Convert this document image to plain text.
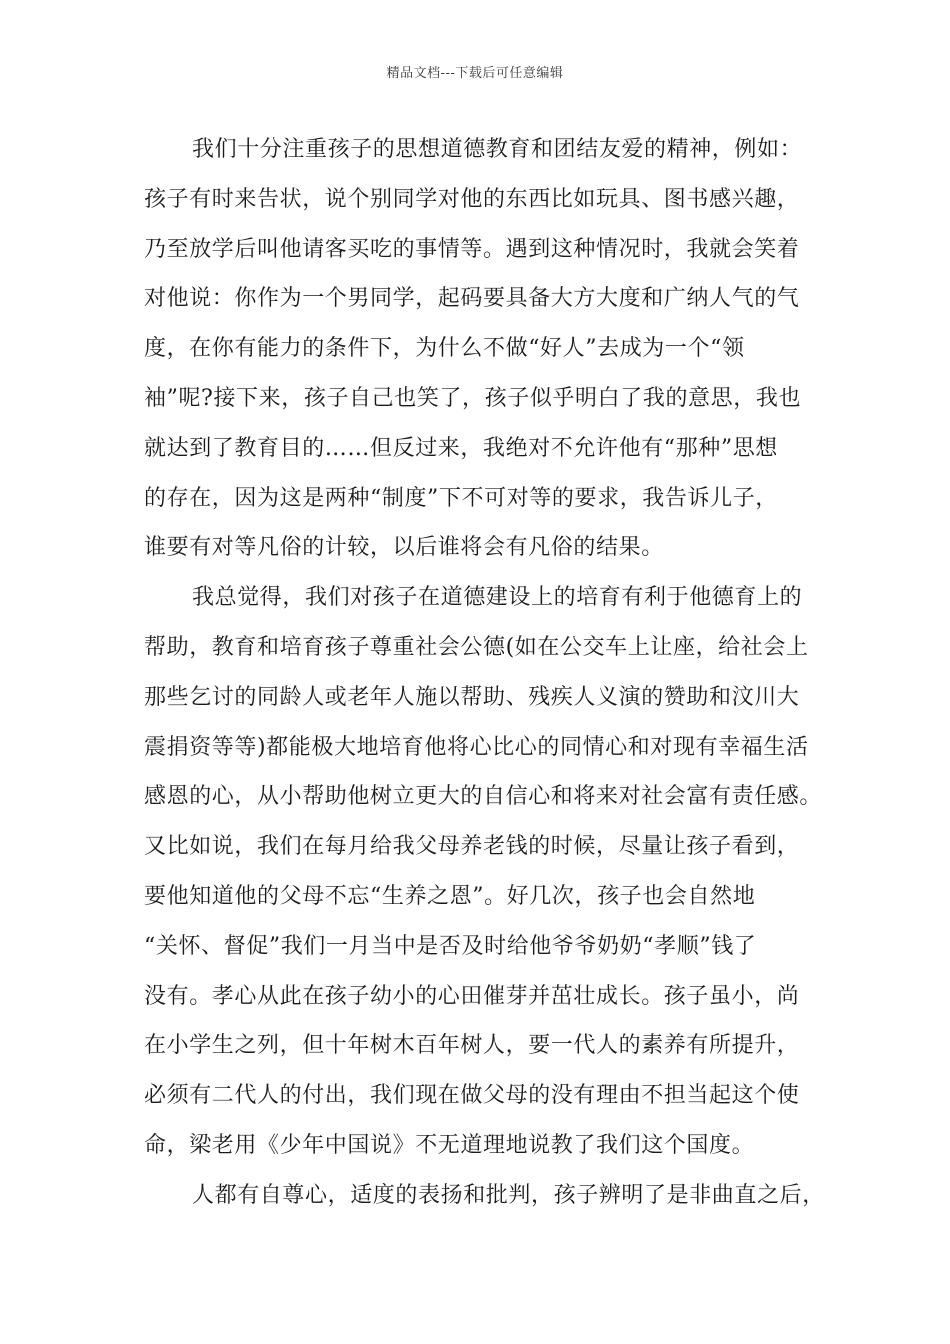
精品文档---下载后可任意编辑
我们十分注重孩子的思想道德教育和团结友爱的精神，例如：
孩子有时来告状，说个别同学对他的东西比如玩具、图书感兴趣，
乃至放学后叫他请客买吃的事情等。遇到这种情况时，我就会笑着
对他说：你作为一个男同学，起码要具备大方大度和广纳人气的气
度，在你有能力的条件下，为什么不做“好人”去成为一个“领
袖”呢?接下来，孩子自己也笑了，孩子似乎明白了我的意思，我也
就达到了教育目的……但反过来，我绝对不允许他有“那种”思想
的存在，因为这是两种“制度”下不可对等的要求，我告诉儿子，
谁要有对等凡俗的计较，以后谁将会有凡俗的结果。
我总觉得，我们对孩子在道德建设上的培育有利于他德育上的
帮助，教育和培育孩子尊重社会公德(如在公交车上让座，给社会上
那些乞讨的同龄人或老年人施以帮助、残疾人义演的赞助和汶川大
震捐资等等)都能极大地培育他将心比心的同情心和对现有幸福生活
感恩的心，从小帮助他树立更大的自信心和将来对社会富有责任感。
又比如说，我们在每月给我父母养老钱的时候，尽量让孩子看到，
要他知道他的父母不忘“生养之恩”。好几次，孩子也会自然地
“关怀、督促”我们一月当中是否及时给他爷爷奶奶“孝顺”钱了
没有。孝心从此在孩子幼小的心田催芽并茁壮成长。孩子虽小，尚
在小学生之列，但十年树木百年树人，要一代人的素养有所提升，
必须有二代人的付出，我们现在做父母的没有理由不担当起这个使
命，梁老用《少年中国说》不无道理地说教了我们这个国度。
人都有自尊心，适度的表扬和批判，孩子辨明了是非曲直之后，
